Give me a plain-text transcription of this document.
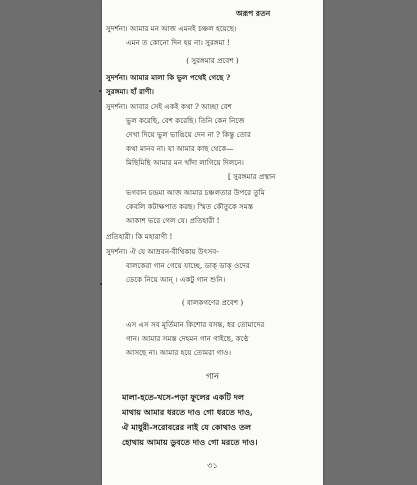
অরূপ রতন
সুদর্শনা। আমার মন আজ এমনই চঞ্চল হয়েছে।
এমন ত কোনো দিন হয় না। সুরঙ্গমা !
( সুরঙ্গমার প্রবেশ )
সুদর্শনা। আমার মালা কি ভুল পথেই গেছে ?
সুরঙ্গমা। হাঁ রাণী।
সুদর্শনা। আবার সেই একই কথা ? আচ্ছা বেশ
ভুল করেছি, বেশ করেছি। তিনি কেন নিজে
দেখা দিয়ে ভুল ভাঙিয়ে দেন না ? কিন্তু তোর
কথা মানব না। যা আমার কাছ থেকে—
মিছিমিছি আমার মন খাঁদা লাগিয়ে দিলনে।
[ সুরঙ্গমার প্রস্থান
ভগবান চন্দ্রমা আজ আমার চঞ্চলতার উপরে তুমি
কেবলি কটাক্ষপাত করছ। স্মিত কৌতুকে সমস্ত
আকাশ ভরে গেল যে। প্রতিহারী !
প্রতিহারী। কি মহারাণী !
সুদর্শনা। ঐ যে আম্রবন-বীথিকায় উৎসব-
বালকেরা গান গেয়ে যাচ্ছে, ডাক্ ডাক্ ওদের
ডেকে নিয়ে আন্ । একটু গান শুনি।
( বালকগণের প্রবেশ )
এস এস সব মূর্তিমান কিশোর বসন্ত, ধর তোমাদের
গান। আমার সমস্ত দেহমন গান গাইছে, কণ্ঠে
আসছে না। আমার হয়ে তোমরা গাও।
গান
মালা-হতে-খসে-পড়া ফুলের একটি দল
মাথায় আমার ধরতে দাও গো ধরতে দাও,
ঐ মাধুরী-সরোবরের নাই যে কোথাও তল
হোথায় আমায় ডুবতে দাও গো মরতে দাও।
৩১
